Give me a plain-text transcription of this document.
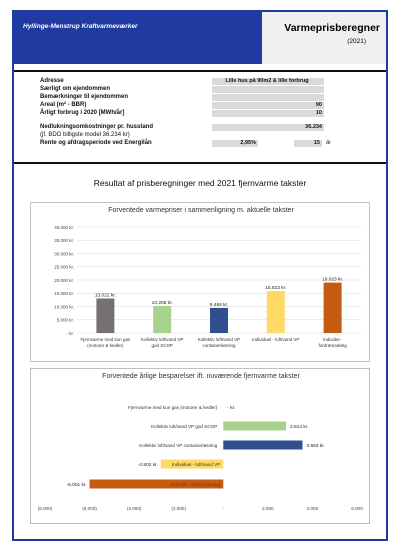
Hyllinge-Menstrup Kraftvarmeværker	Varmeprisberegner
(2021)
Adresse	Lille hus på 90m2 & lille forbrug
Særligt om ejendommen
Bemærkninger til ejendommen
Areal (m² - BBR)	90
Årligt forbrug i 2020 [MWh/år]	10
Nedlukningsomkostninger pr. husstand	36.234
(jf. BDO billigste model 36.234 kr)
Rente og afdragsperiode ved Energilån	2,95%	15	år
Resultat af prisberegninger med 2021 fjernvarme takster
Forventede varmepriser i sammenligning m. aktuelle takster
- kr.
5.000 kr.
10.000 kr.
15.000 kr.
20.000 kr.
25.000 kr.
30.000 kr.
35.000 kr.
40.000 kr.
13.022 kr.
Fjernvarme med kun gas
(motorer & kedler)
10.208 kr.
Kollektiv luft/vand VP
god SCOP
9.468 kr.
Kollektiv luft/vand VP
containerløsning
15.823 kr.
Individuel - luft/vand VP
19.023 kr.
Individel -
fordrænanlæg
Forventede årlige besparelser ift. nuværende fjernvarme takster
Fjernvarme med kun gas (motorer & kedler) - kr.
Kollektiv luft/vand VP god SCOP	2.814 kr.
Kollektiv luft/vand VP containerløsning	3.553 kr.
Individuel - luft/vand VP
-2.802 kr.
Individel - fordrænanlæg
-6.001 kr.
(8.000)	(6.000)	(4.000)	(2.000)	-	2.000	4.000	6.000
